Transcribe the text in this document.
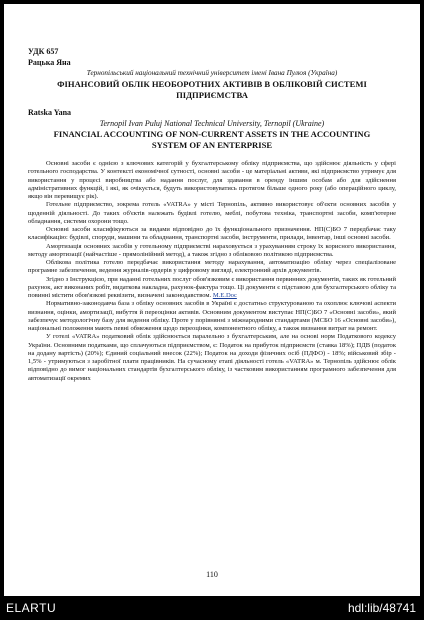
УДК 657
Рацька Яна
Тернопільський національний технічний університет імені Івана Пулюя (Україна)
ФІНАНСОВИЙ ОБЛІК НЕОБОРОТНИХ АКТИВІВ В ОБЛІКОВІЙ СИСТЕМІ
ПІДПРИЄМСТВА
Ratska Yana
Ternopil Ivan Puluj National Technical University, Ternopil (Ukraine)
FINANCIAL ACCOUNTING OF NON-CURRENT ASSETS IN THE ACCOUNTING
SYSTEM OF AN ENTERPRISE

Основні засоби є однією з ключових категорій у бухгалтерському обліку підприємства, що здійснює діяльність у сфері готельного господарства. У контексті економічної сутності, основні засоби - це матеріальні активи, які підприємство утримує для використання у процесі виробництва або надання послуг, для здавання в оренду іншим особам або для здійснення адміністративних функцій, і які, як очікується, будуть використовуватись протягом більше одного року (або операційного циклу, якщо він перевищує рік).

Готельне підприємство, зокрема готель «VATRA» у місті Тернопіль, активно використовує об'єкти основних засобів у щоденній діяльності. До таких об'єктів належать будівлі готелю, меблі, побутова техніка, транспортні засоби, комп'ютерне обладнання, системи охорони тощо.

Основні засоби класифікуються за видами відповідно до їх функціонального призначення. НП(С)БО 7 передбачає таку класифікацію: будівлі, споруди, машини та обладнання, транспортні засоби, інструменти, прилади, інвентар, інші основні засоби.

Амортизація основних засобів у готельному підприємстві нараховується з урахуванням строку їх корисного використання, методу амортизації (найчастіше - прямолінійний метод), а також згідно з обліковою політикою підприємства.

Облікова політика готелю передбачає використання методу нарахування, автоматизацію обліку через спеціалізоване програмне забезпечення, ведення журналів-ордерів у цифровому вигляді, електронний архів документів.

Згідно з Інструкцією, при наданні готельних послуг обов'язковим є використання первинних документів, таких як готельний рахунок, акт виконаних робіт, видаткова накладна, рахунок-фактура тощо. Ці документи є підставою для бухгалтерського обліку та повинні містити обов'язкові реквізити, визначені законодавством. M.E.Doc

Нормативно-законодавча база з обліку основних засобів в Україні є достатньо структурованою та охоплює ключові аспекти визнання, оцінки, амортизації, вибуття й переоцінки активів. Основним документом виступає НП(С)БО 7 «Основні засоби», який забезпечує методологічну базу для ведення обліку. Проте у порівнянні з міжнародними стандартами (МСБО 16 «Основні засоби»), національні положення мають певні обмеження щодо переоцінки, компонентного обліку, а також визнання витрат на ремонт.

У готелі «VATRA» податковий облік здійснюється паралельно з бухгалтерським, але на основі норм Податкового кодексу України. Основними податками, що сплачуються підприємством, є: Податок на прибуток підприємств (ставка 18%); ПДВ (податок на додану вартість) (20%); Єдиний соціальний внесок (22%); Податок на доходи фізичних осіб (ПДФО) - 18%; військовий збір - 1,5% - утримуються з заробітної плати працівників. На сучасному етапі діяльності готель «VATRA» м. Тернопіль здійснює облік відповідно до вимог національних стандартів бухгалтерського обліку, із частковим використанням програмного забезпечення для автоматизації окремих

110
ELARTU	hdl:lib/48741
